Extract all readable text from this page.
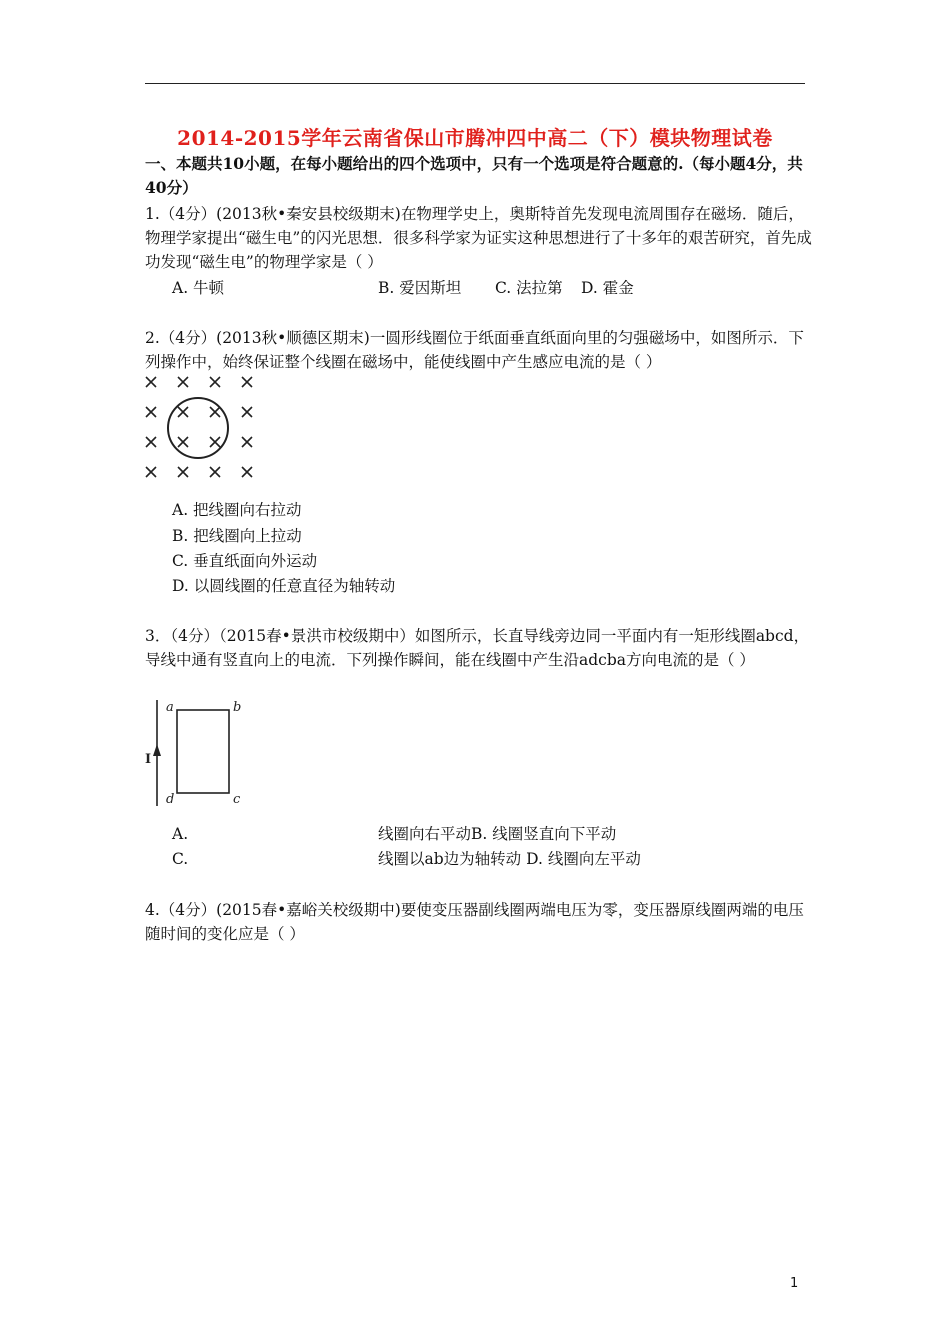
2014-2015学年云南省保山市腾冲四中高二（下）模块物理试卷
一、本题共10小题，在每小题给出的四个选项中，只有一个选项是符合题意的.（每小题4分，共40分）
1.（4分）(2013秋•秦安县校级期末)在物理学史上，奥斯特首先发现电流周围存在磁场．随后，物理学家提出“磁生电”的闪光思想．很多科学家为证实这种思想进行了十多年的艰苦研究，首先成功发现“磁生电”的物理学家是（ ）
A. 牛顿	B. 爱因斯坦 C. 法拉第 D. 霍金
2.（4分）(2013秋•顺德区期末)一圆形线圈位于纸面垂直纸面向里的匀强磁场中，如图所示．下列操作中，始终保证整个线圈在磁场中，能使线圈中产生感应电流的是（ ）
A. 把线圈向右拉动
B. 把线圈向上拉动
C. 垂直纸面向外运动
D. 以圆线圈的任意直径为轴转动
3．（4分）（2015春•景洪市校级期中）如图所示，长直导线旁边同一平面内有一矩形线圈abcd，导线中通有竖直向上的电流．下列操作瞬间，能在线圈中产生沿adcba方向电流的是（ ）
I
a	b
c
d
A.	线圈向右平动B. 线圈竖直向下平动
C.	线圈以ab边为轴转动 D. 线圈向左平动
4.（4分）(2015春•嘉峪关校级期中)要使变压器副线圈两端电压为零，变压器原线圈两端的电压随时间的变化应是（ ）
1
